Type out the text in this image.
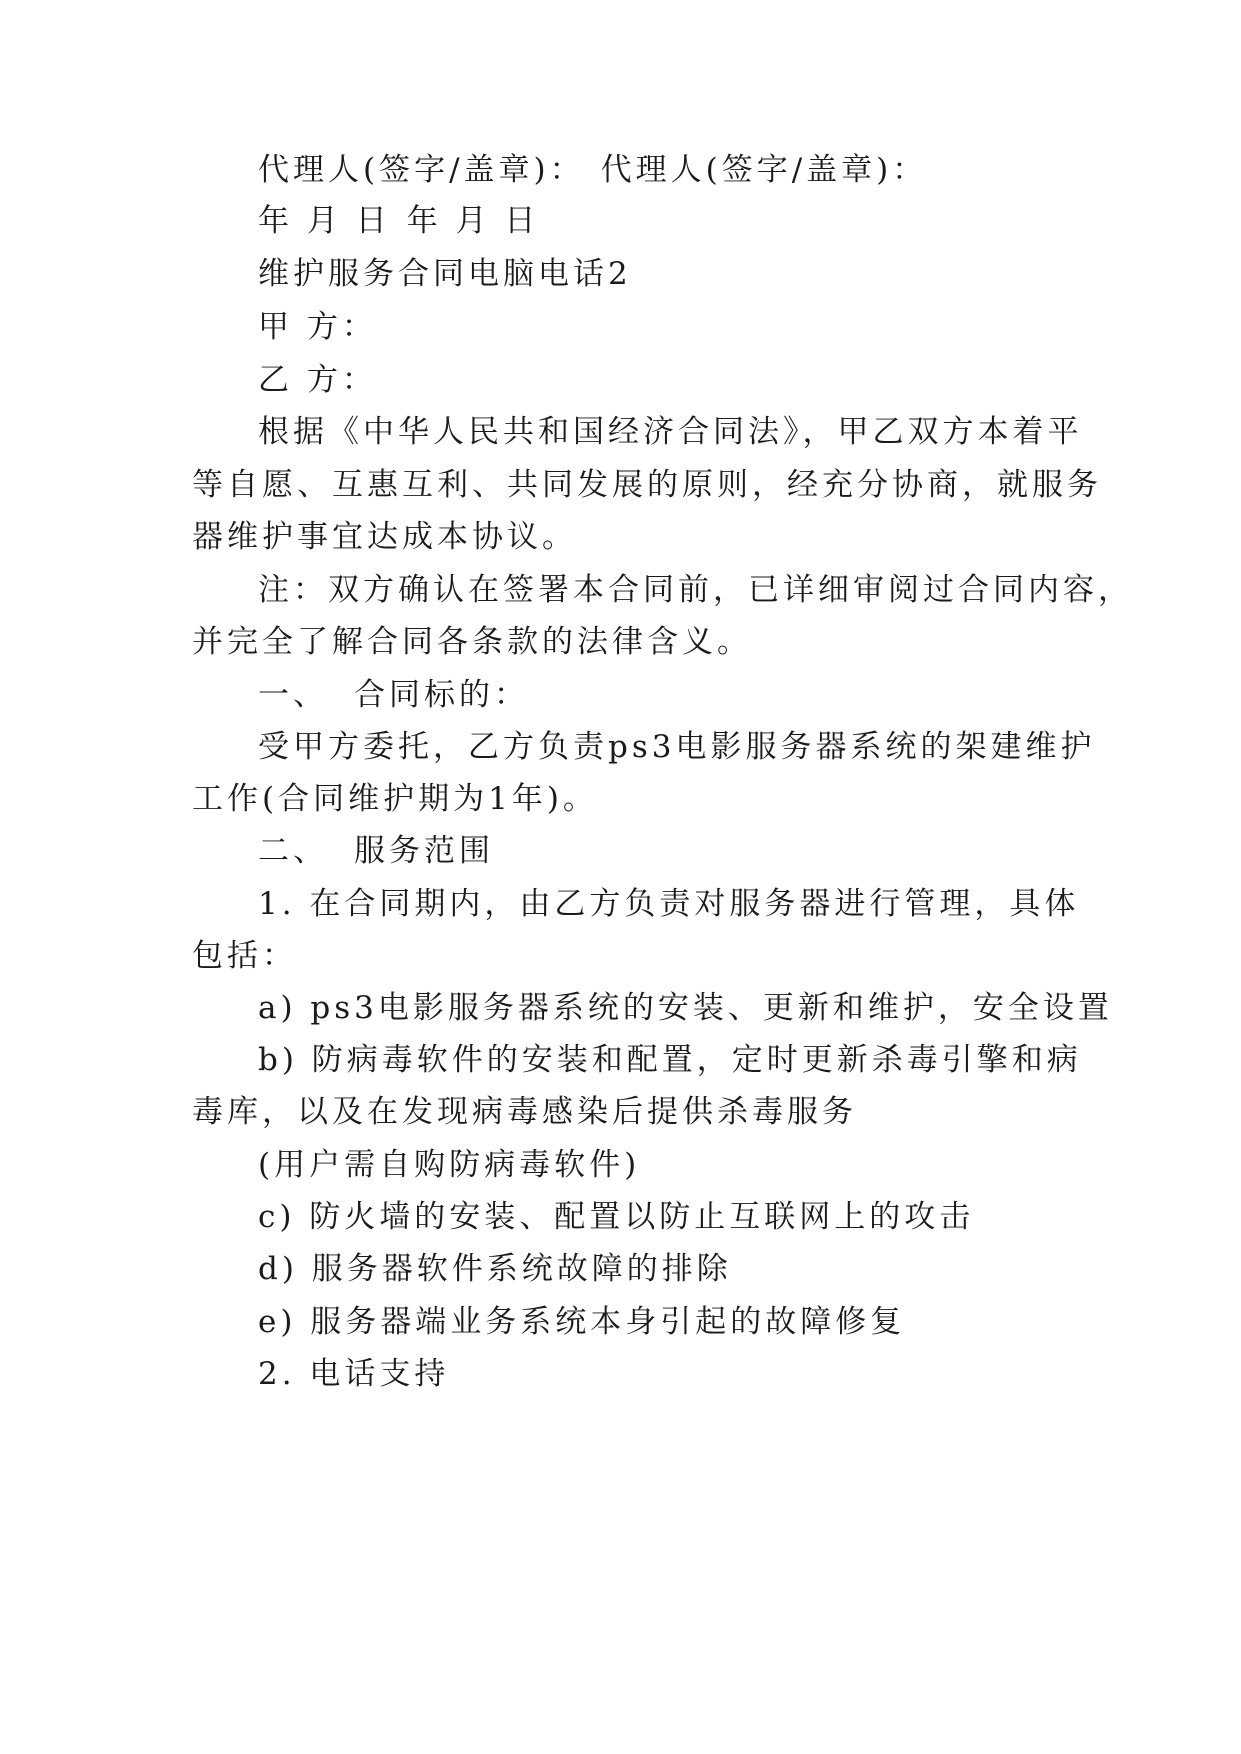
代理人(签字/盖章)： 代理人(签字/盖章)：
年 月 日 年 月 日
维护服务合同电脑电话2
甲 方：
乙 方：
根据《中华人民共和国经济合同法》，甲乙双方本着平
等自愿、互惠互利、共同发展的原则，经充分协商，就服务
器维护事宜达成本协议。
注：双方确认在签署本合同前，已详细审阅过合同内容，
并完全了解合同各条款的法律含义。
一、 合同标的：
受甲方委托，乙方负责ps3电影服务器系统的架建维护
工作(合同维护期为1年)。
二、 服务范围
1. 在合同期内，由乙方负责对服务器进行管理，具体
包括：
a) ps3电影服务器系统的安装、更新和维护，安全设置
b) 防病毒软件的安装和配置，定时更新杀毒引擎和病
毒库，以及在发现病毒感染后提供杀毒服务
(用户需自购防病毒软件)
c) 防火墙的安装、配置以防止互联网上的攻击
d) 服务器软件系统故障的排除
e) 服务器端业务系统本身引起的故障修复
2. 电话支持
